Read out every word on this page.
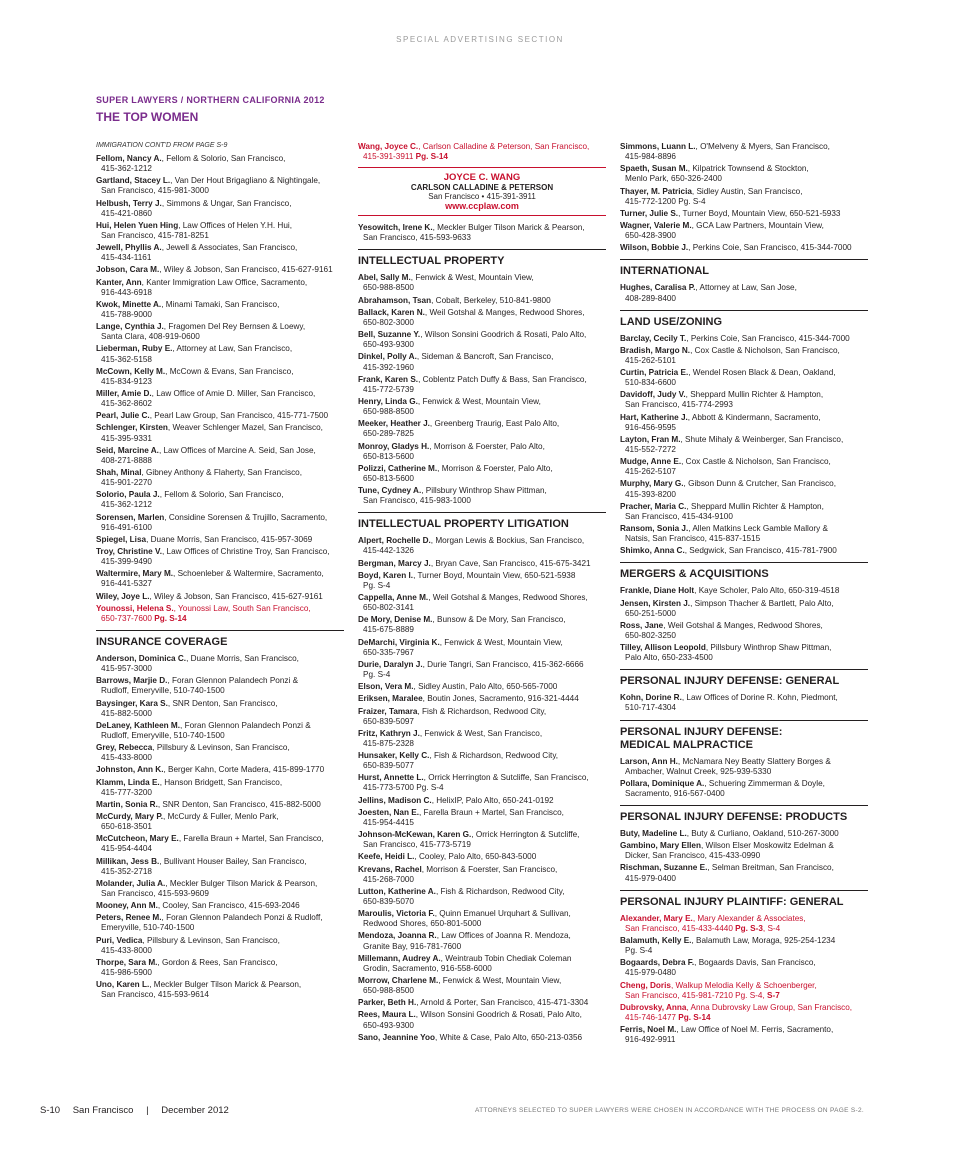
SPECIAL ADVERTISING SECTION
SUPER LAWYERS / NORTHERN CALIFORNIA 2012
THE TOP WOMEN
IMMIGRATION CONT'D FROM PAGE S-9
Fellom, Nancy A., Fellom & Solorio, San Francisco,
415-362-1212
Gartland, Stacey L., Van Der Hout Brigagliano & Nightingale,
San Francisco, 415-981-3000
Helbush, Terry J., Simmons & Ungar, San Francisco,
415-421-0860
Hui, Helen Yuen Hing, Law Offices of Helen Y.H. Hui,
San Francisco, 415-781-8251
Jewell, Phyllis A., Jewell & Associates, San Francisco,
415-434-1161
Jobson, Cara M., Wiley & Jobson, San Francisco, 415-627-9161
Kanter, Ann, Kanter Immigration Law Office, Sacramento,
916-443-6918
Kwok, Minette A., Minami Tamaki, San Francisco,
415-788-9000
Lange, Cynthia J., Fragomen Del Rey Bernsen & Loewy,
Santa Clara, 408-919-0600
Lieberman, Ruby E., Attorney at Law, San Francisco,
415-362-5158
McCown, Kelly M., McCown & Evans, San Francisco,
415-834-9123
Miller, Amie D., Law Office of Amie D. Miller, San Francisco,
415-362-8602
Pearl, Julie C., Pearl Law Group, San Francisco, 415-771-7500
Schlenger, Kirsten, Weaver Schlenger Mazel, San Francisco,
415-395-9331
Seid, Marcine A., Law Offices of Marcine A. Seid, San Jose,
408-271-8888
Shah, Minal, Gibney Anthony & Flaherty, San Francisco,
415-901-2270
Solorio, Paula J., Fellom & Solorio, San Francisco,
415-362-1212
Sorensen, Marlen, Considine Sorensen & Trujillo, Sacramento,
916-491-6100
Spiegel, Lisa, Duane Morris, San Francisco, 415-957-3069
Troy, Christine V., Law Offices of Christine Troy, San Francisco,
415-399-9490
Waltermire, Mary M., Schoenleber & Waltermire, Sacramento,
916-441-5327
Wiley, Joye L., Wiley & Jobson, San Francisco, 415-627-9161
Younossi, Helena S., Younossi Law, South San Francisco,
650-737-7600 Pg. S-14
INSURANCE COVERAGE
Anderson, Dominica C., Duane Morris, San Francisco,
415-957-3000
Barrows, Marjie D., Foran Glennon Palandech Ponzi &
Rudloff, Emeryville, 510-740-1500
Baysinger, Kara S., SNR Denton, San Francisco,
415-882-5000
DeLaney, Kathleen M., Foran Glennon Palandech Ponzi &
Rudloff, Emeryville, 510-740-1500
Grey, Rebecca, Pillsbury & Levinson, San Francisco,
415-433-8000
Johnston, Ann K., Berger Kahn, Corte Madera, 415-899-1770
Klamm, Linda E., Hanson Bridgett, San Francisco,
415-777-3200
Martin, Sonia R., SNR Denton, San Francisco, 415-882-5000
McCurdy, Mary P., McCurdy & Fuller, Menlo Park,
650-618-3501
McCutcheon, Mary E., Farella Braun + Martel, San Francisco,
415-954-4404
Millikan, Jess B., Bullivant Houser Bailey, San Francisco,
415-352-2718
Molander, Julia A., Meckler Bulger Tilson Marick & Pearson,
San Francisco, 415-593-9609
Mooney, Ann M., Cooley, San Francisco, 415-693-2046
Peters, Renee M., Foran Glennon Palandech Ponzi & Rudloff,
Emeryville, 510-740-1500
Puri, Vedica, Pillsbury & Levinson, San Francisco,
415-433-8000
Thorpe, Sara M., Gordon & Rees, San Francisco,
415-986-5900
Uno, Karen L., Meckler Bulger Tilson Marick & Pearson,
San Francisco, 415-593-9614
Wang, Joyce C., Carlson Calladine & Peterson, San Francisco,
415-391-3911 Pg. S-14
JOYCE C. WANG
CARLSON CALLADINE & PETERSON
San Francisco • 415-391-3911
www.ccplaw.com
Yesowitch, Irene K., Meckler Bulger Tilson Marick & Pearson,
San Francisco, 415-593-9633
INTELLECTUAL PROPERTY
Abel, Sally M., Fenwick & West, Mountain View,
650-988-8500
Abrahamson, Tsan, Cobalt, Berkeley, 510-841-9800
Ballack, Karen N., Weil Gotshal & Manges, Redwood Shores,
650-802-3000
Bell, Suzanne Y., Wilson Sonsini Goodrich & Rosati, Palo Alto,
650-493-9300
Dinkel, Polly A., Sideman & Bancroft, San Francisco,
415-392-1960
Frank, Karen S., Coblentz Patch Duffy & Bass, San Francisco,
415-772-5739
Henry, Linda G., Fenwick & West, Mountain View,
650-988-8500
Meeker, Heather J., Greenberg Traurig, East Palo Alto,
650-289-7825
Monroy, Gladys H., Morrison & Foerster, Palo Alto,
650-813-5600
Polizzi, Catherine M., Morrison & Foerster, Palo Alto,
650-813-5600
Tune, Cydney A., Pillsbury Winthrop Shaw Pittman,
San Francisco, 415-983-1000
INTELLECTUAL PROPERTY LITIGATION
Alpert, Rochelle D., Morgan Lewis & Bockius, San Francisco,
415-442-1326
Bergman, Marcy J., Bryan Cave, San Francisco, 415-675-3421
Boyd, Karen I., Turner Boyd, Mountain View, 650-521-5938
Pg. S-4
Cappella, Anne M., Weil Gotshal & Manges, Redwood Shores,
650-802-3141
De Mory, Denise M., Bunsow & De Mory, San Francisco,
415-675-8889
DeMarchi, Virginia K., Fenwick & West, Mountain View,
650-335-7967
Durie, Daralyn J., Durie Tangri, San Francisco, 415-362-6666
Pg. S-4
Elson, Vera M., Sidley Austin, Palo Alto, 650-565-7000
Eriksen, Maralee, Boutin Jones, Sacramento, 916-321-4444
Fraizer, Tamara, Fish & Richardson, Redwood City,
650-839-5097
Fritz, Kathryn J., Fenwick & West, San Francisco,
415-875-2328
Hunsaker, Kelly C., Fish & Richardson, Redwood City,
650-839-5077
Hurst, Annette L., Orrick Herrington & Sutcliffe, San Francisco,
415-773-5700 Pg. S-4
Jellins, Madison C., HelixIP, Palo Alto, 650-241-0192
Joesten, Nan E., Farella Braun + Martel, San Francisco,
415-954-4415
Johnson-McKewan, Karen G., Orrick Herrington & Sutcliffe,
San Francisco, 415-773-5719
Keefe, Heidi L., Cooley, Palo Alto, 650-843-5000
Krevans, Rachel, Morrison & Foerster, San Francisco,
415-268-7000
Lutton, Katherine A., Fish & Richardson, Redwood City,
650-839-5070
Maroulis, Victoria F., Quinn Emanuel Urquhart & Sullivan,
Redwood Shores, 650-801-5000
Mendoza, Joanna R., Law Offices of Joanna R. Mendoza,
Granite Bay, 916-781-7600
Millemann, Audrey A., Weintraub Tobin Chediak Coleman
Grodin, Sacramento, 916-558-6000
Morrow, Charlene M., Fenwick & West, Mountain View,
650-988-8500
Parker, Beth H., Arnold & Porter, San Francisco, 415-471-3304
Rees, Maura L., Wilson Sonsini Goodrich & Rosati, Palo Alto,
650-493-9300
Sano, Jeannine Yoo, White & Case, Palo Alto, 650-213-0356
Simmons, Luann L., O'Melveny & Myers, San Francisco,
415-984-8896
Spaeth, Susan M., Kilpatrick Townsend & Stockton,
Menlo Park, 650-326-2400
Thayer, M. Patricia, Sidley Austin, San Francisco,
415-772-1200 Pg. S-4
Turner, Julie S., Turner Boyd, Mountain View, 650-521-5933
Wagner, Valerie M., GCA Law Partners, Mountain View,
650-428-3900
Wilson, Bobbie J., Perkins Coie, San Francisco, 415-344-7000
INTERNATIONAL
Hughes, Caralisa P., Attorney at Law, San Jose,
408-289-8400
LAND USE/ZONING
Barclay, Cecily T., Perkins Coie, San Francisco, 415-344-7000
Bradish, Margo N., Cox Castle & Nicholson, San Francisco,
415-262-5101
Curtin, Patricia E., Wendel Rosen Black & Dean, Oakland,
510-834-6600
Davidoff, Judy V., Sheppard Mullin Richter & Hampton,
San Francisco, 415-774-2993
Hart, Katherine J., Abbott & Kindermann, Sacramento,
916-456-9595
Layton, Fran M., Shute Mihaly & Weinberger, San Francisco,
415-552-7272
Mudge, Anne E., Cox Castle & Nicholson, San Francisco,
415-262-5107
Murphy, Mary G., Gibson Dunn & Crutcher, San Francisco,
415-393-8200
Pracher, Maria C., Sheppard Mullin Richter & Hampton,
San Francisco, 415-434-9100
Ransom, Sonia J., Allen Matkins Leck Gamble Mallory &
Natsis, San Francisco, 415-837-1515
Shimko, Anna C., Sedgwick, San Francisco, 415-781-7900
MERGERS & ACQUISITIONS
Frankle, Diane Holt, Kaye Scholer, Palo Alto, 650-319-4518
Jensen, Kirsten J., Simpson Thacher & Bartlett, Palo Alto,
650-251-5000
Ross, Jane, Weil Gotshal & Manges, Redwood Shores,
650-802-3250
Tilley, Allison Leopold, Pillsbury Winthrop Shaw Pittman,
Palo Alto, 650-233-4500
PERSONAL INJURY DEFENSE: GENERAL
Kohn, Dorine R., Law Offices of Dorine R. Kohn, Piedmont,
510-717-4304
PERSONAL INJURY DEFENSE:
MEDICAL MALPRACTICE
Larson, Ann H., McNamara Ney Beatty Slattery Borges &
Ambacher, Walnut Creek, 925-939-5330
Pollara, Dominique A., Schuering Zimmerman & Doyle,
Sacramento, 916-567-0400
PERSONAL INJURY DEFENSE: PRODUCTS
Buty, Madeline L., Buty & Curliano, Oakland, 510-267-3000
Gambino, Mary Ellen, Wilson Elser Moskowitz Edelman &
Dicker, San Francisco, 415-433-0990
Rischman, Suzanne E., Selman Breitman, San Francisco,
415-979-0400
PERSONAL INJURY PLAINTIFF: GENERAL
Alexander, Mary E., Mary Alexander & Associates,
San Francisco, 415-433-4440 Pg. S-3, S-4
Balamuth, Kelly E., Balamuth Law, Moraga, 925-254-1234
Pg. S-4
Bogaards, Debra F., Bogaards Davis, San Francisco,
415-979-0480
Cheng, Doris, Walkup Melodia Kelly & Schoenberger,
San Francisco, 415-981-7210 Pg. S-4, S-7
Dubrovsky, Anna, Anna Dubrovsky Law Group, San Francisco,
415-746-1477 Pg. S-14
Ferris, Noel M., Law Office of Noel M. Ferris, Sacramento,
916-492-9911
S-10 San Francisco | December 2012	ATTORNEYS SELECTED TO SUPER LAWYERS WERE CHOSEN IN ACCORDANCE WITH THE PROCESS ON PAGE S-2.
